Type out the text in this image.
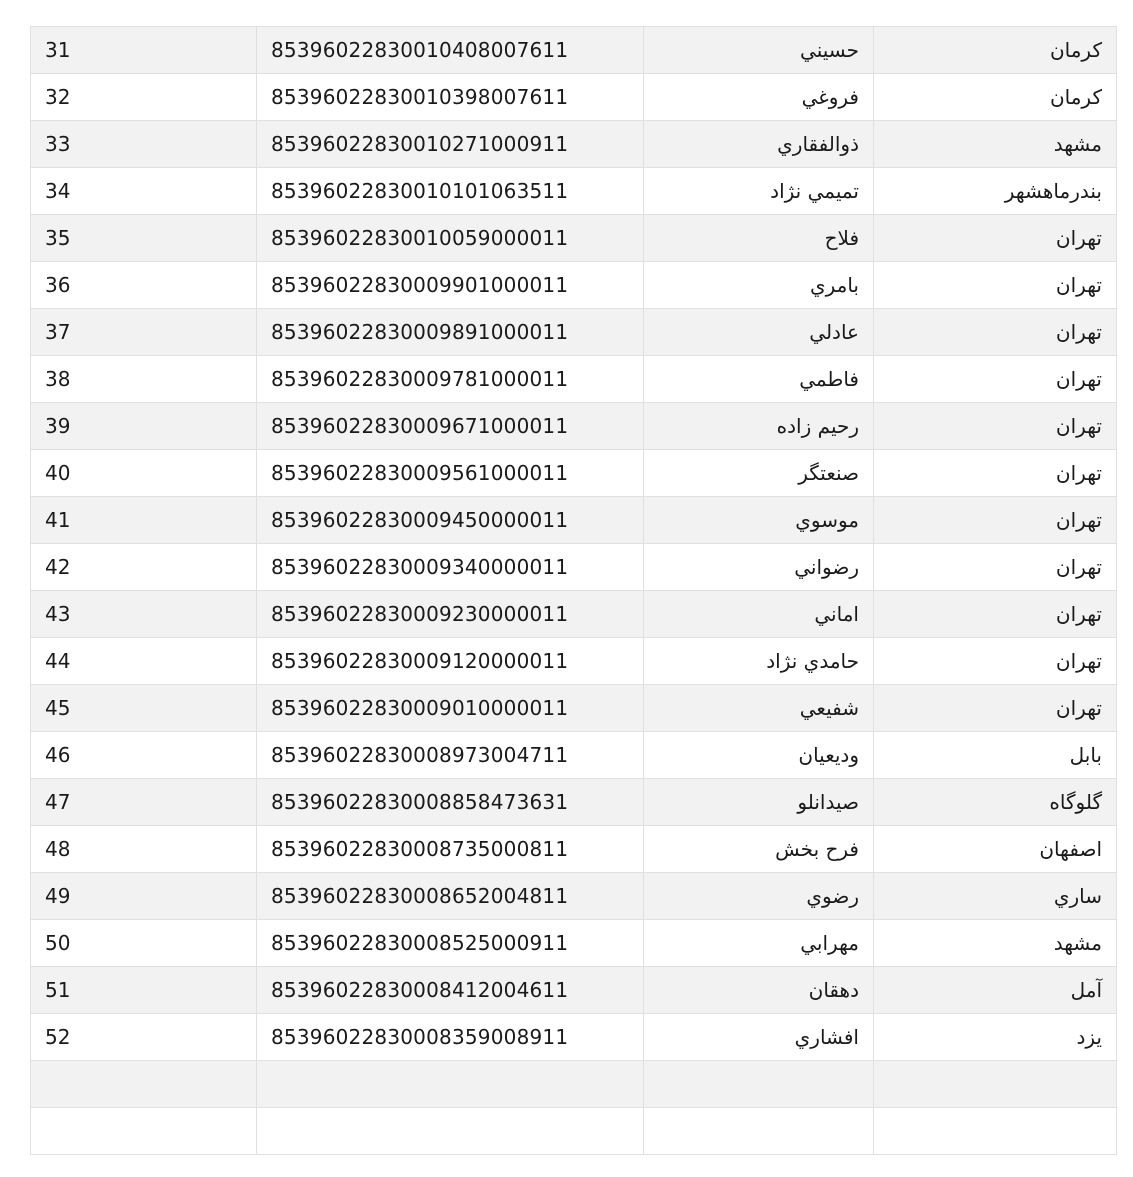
كرمان	حسيني	85396022830010408007611	31
كرمان	فروغي	85396022830010398007611	32
مشهد	ذوالفقاري	85396022830010271000911	33
بندرماهشهر	تميمي نژاد	85396022830010101063511	34
تهران	فلاح	85396022830010059000011	35
تهران	بامري	85396022830009901000011	36
تهران	عادلي	85396022830009891000011	37
تهران	فاطمي	85396022830009781000011	38
تهران	رحيم زاده	85396022830009671000011	39
تهران	صنعتگر	85396022830009561000011	40
تهران	موسوي	85396022830009450000011	41
تهران	رضواني	85396022830009340000011	42
تهران	اماني	85396022830009230000011	43
تهران	حامدي نژاد	85396022830009120000011	44
تهران	شفيعي	85396022830009010000011	45
بابل	وديعيان	85396022830008973004711	46
گلوگاه	صيدانلو	85396022830008858473631	47
اصفهان	فرح بخش	85396022830008735000811	48
ساري	رضوي	85396022830008652004811	49
مشهد	مهرابي	85396022830008525000911	50
آمل	دهقان	85396022830008412004611	51
يزد	افشاري	85396022830008359008911	52
